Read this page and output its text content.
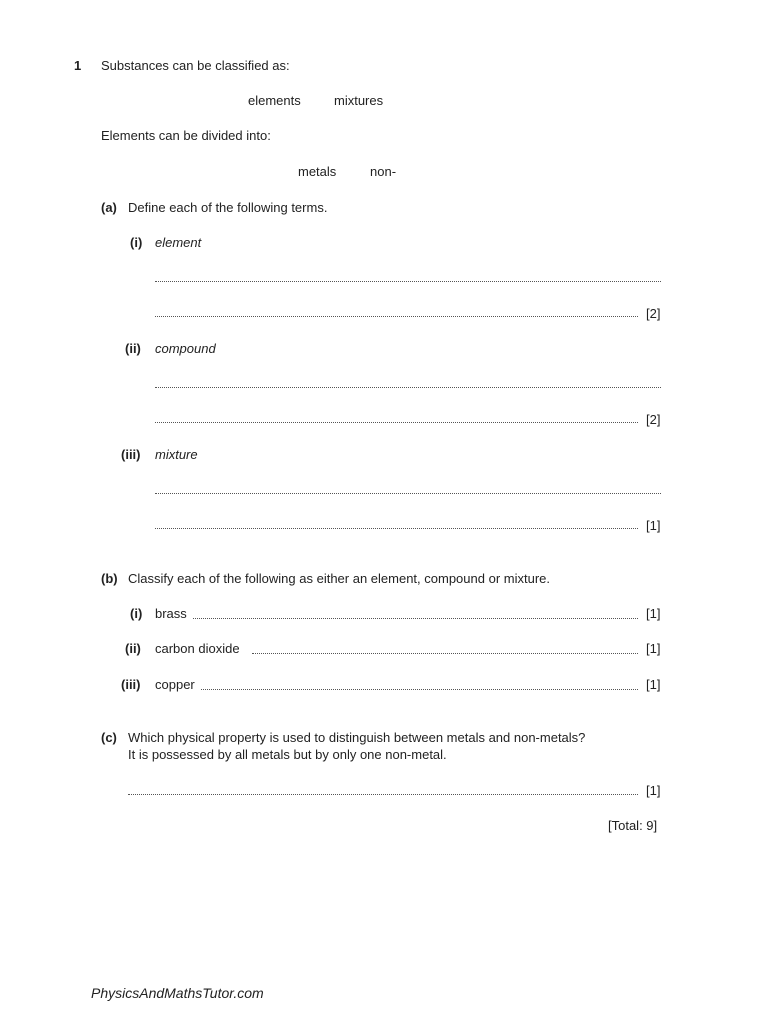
1 Substances can be classified as:
elements	mixtures
Elements can be divided into:
metals	non-
(a) Define each of the following terms.
(i) element
[2]
(ii) compound
[2]
(iii) mixture
[1]
(b) Classify each of the following as either an element, compound or mixture.
(i) brass	[1]
(ii) carbon dioxide	[1]
(iii) copper	[1]
(c) Which physical property is used to distinguish between metals and non-metals?
It is possessed by all metals but by only one non-metal.
[1]
[Total: 9]
PhysicsAndMathsTutor.com
